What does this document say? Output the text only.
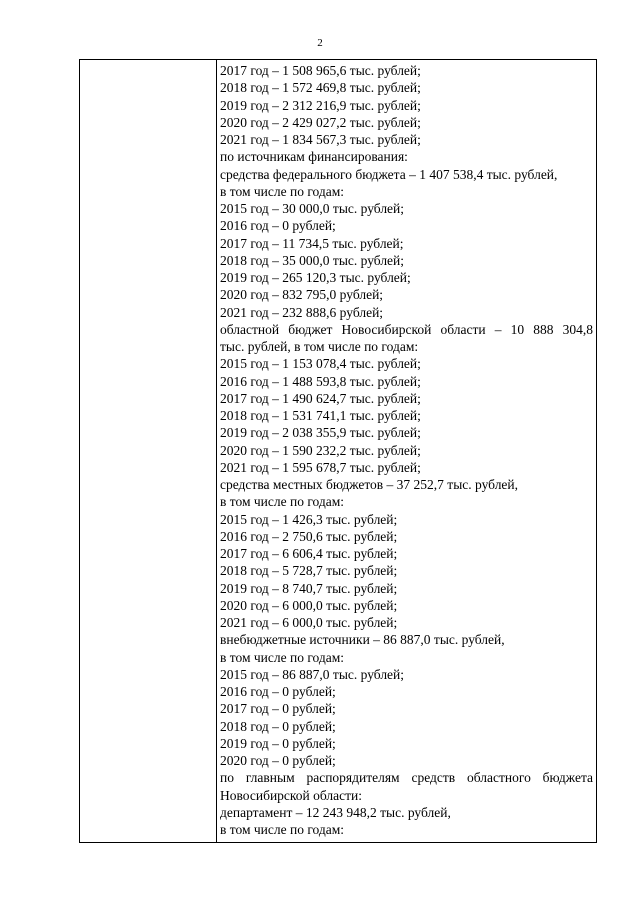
2
2017 год – 1 508 965,6 тыс. рублей;
2018 год – 1 572 469,8 тыс. рублей;
2019 год – 2 312 216,9 тыс. рублей;
2020 год – 2 429 027,2 тыс. рублей;
2021 год – 1 834 567,3 тыс. рублей;
по источникам финансирования:
средства федерального бюджета – 1 407 538,4 тыс. рублей,
в том числе по годам:
2015 год – 30 000,0 тыс. рублей;
2016 год – 0 рублей;
2017 год – 11 734,5 тыс. рублей;
2018 год – 35 000,0 тыс. рублей;
2019 год – 265 120,3 тыс. рублей;
2020 год – 832 795,0 рублей;
2021 год – 232 888,6 рублей;
областной бюджет Новосибирской области – 10 888 304,8
тыс. рублей, в том числе по годам:
2015 год – 1 153 078,4 тыс. рублей;
2016 год – 1 488 593,8 тыс. рублей;
2017 год – 1 490 624,7 тыс. рублей;
2018 год – 1 531 741,1 тыс. рублей;
2019 год – 2 038 355,9 тыс. рублей;
2020 год – 1 590 232,2 тыс. рублей;
2021 год – 1 595 678,7 тыс. рублей;
средства местных бюджетов – 37 252,7 тыс. рублей,
в том числе по годам:
2015 год – 1 426,3 тыс. рублей;
2016 год – 2 750,6 тыс. рублей;
2017 год – 6 606,4 тыс. рублей;
2018 год – 5 728,7 тыс. рублей;
2019 год – 8 740,7 тыс. рублей;
2020 год – 6 000,0 тыс. рублей;
2021 год – 6 000,0 тыс. рублей;
внебюджетные источники – 86 887,0 тыс. рублей,
в том числе по годам:
2015 год – 86 887,0 тыс. рублей;
2016 год – 0 рублей;
2017 год – 0 рублей;
2018 год – 0 рублей;
2019 год – 0 рублей;
2020 год – 0 рублей;
по главным распорядителям средств областного бюджета
Новосибирской области:
департамент – 12 243 948,2 тыс. рублей,
в том числе по годам:
